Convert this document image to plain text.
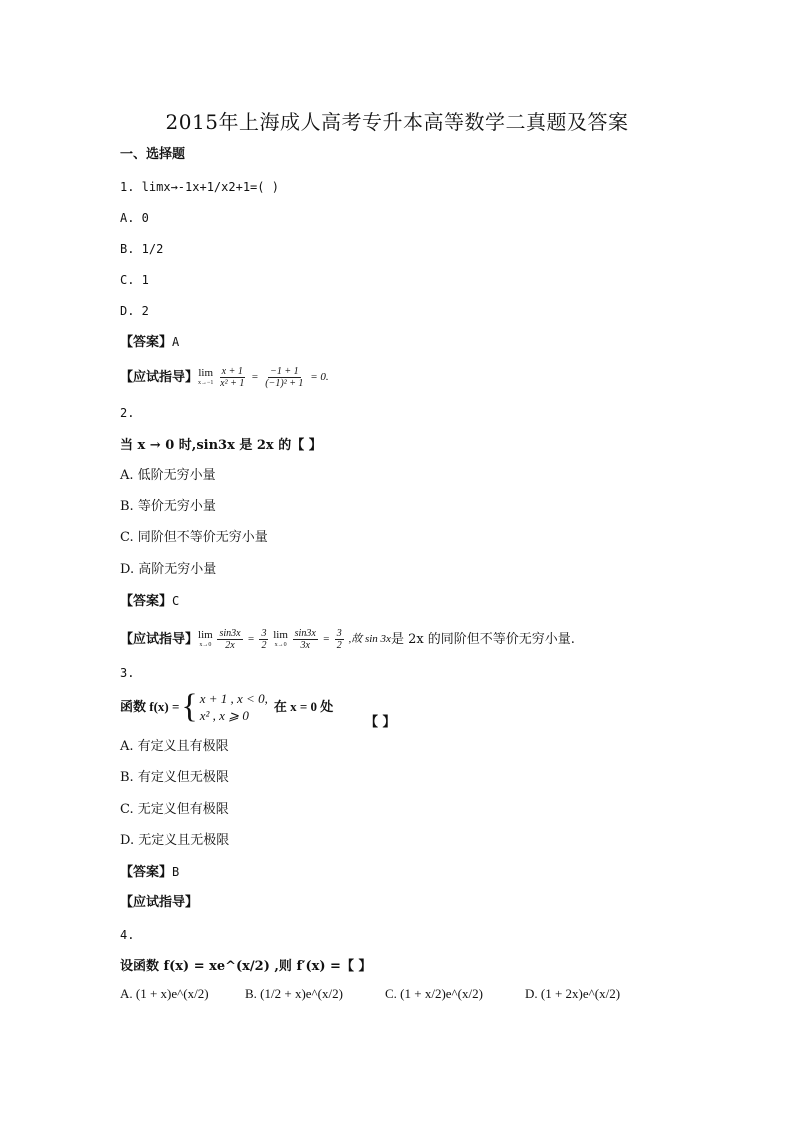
2015年上海成人高考专升本高等数学二真题及答案
一、选择题
1. limx→-1x+1/x2+1=( )
A. 0
B. 1/2
C. 1
D. 2
【答案】A
【应试指导】 lim
x→−1
$\frac{x + 1}{\text{x² + 1}} = \frac{-1 + 1}{\text{(−1)² + 1}} = 0$.
2.
当 x → 0 时,sin3x 是 2x 的【 】
A. 低阶无穷小量
B. 等价无穷小量
C. 同阶但不等价无穷小量
D. 高阶无穷小量
【答案】C
【应试指导】 lim
x→0
$\frac{\sin 3x}{2x} = \frac{3}{2}$
lim
x→0
$\frac{\sin 3x}{3x} = \frac{3}{2}$ ,故 sin 3x是 2x 的同阶但不等价无穷小量.
3.
函数 f(x) = { x + 1 , x < 0,
x² , x ⩾ 0
在 x = 0 处
【 】
A. 有定义且有极限
B. 有定义但无极限
C. 无定义但有极限
D. 无定义且无极限
【答案】B
【应试指导】
4.
设函数 f(x) = xe^(x/2) ,则 f′(x) =【 】
A. (1 + x)e^(x/2)	B. (1/2 + x)e^(x/2)	C. (1 + x/2)e^(x/2)	D. (1 + 2x)e^(x/2)
